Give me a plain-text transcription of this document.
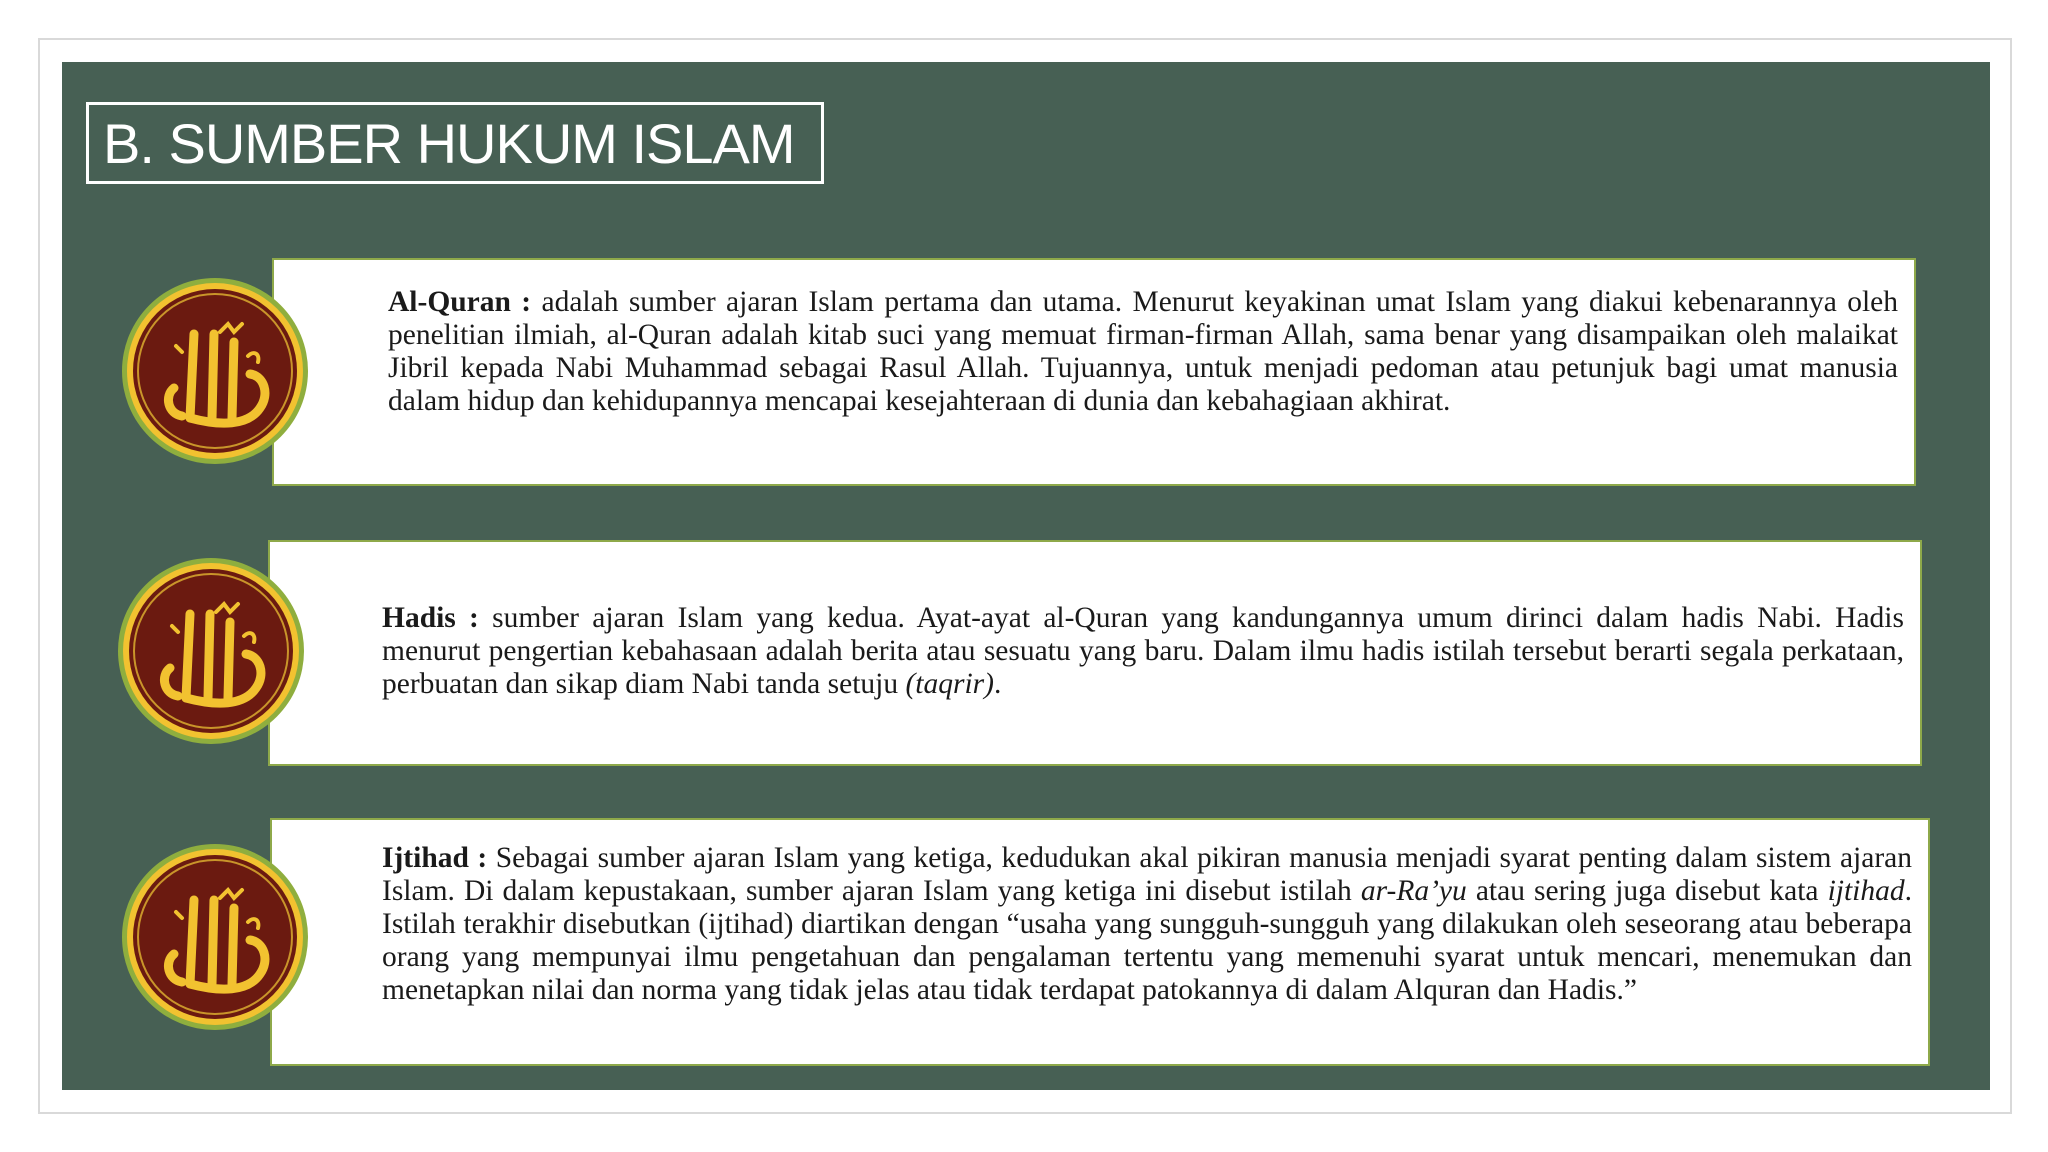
B. SUMBER HUKUM ISLAM
Al-Quran : adalah sumber ajaran Islam pertama dan utama. Menurut keyakinan umat Islam yang diakui kebenarannya oleh penelitian ilmiah, al-Quran adalah kitab suci yang memuat firman-firman Allah, sama benar yang disampaikan oleh malaikat Jibril kepada Nabi Muhammad sebagai Rasul Allah. Tujuannya, untuk menjadi pedoman atau petunjuk bagi umat manusia dalam hidup dan kehidupannya mencapai kesejahteraan di dunia dan kebahagiaan akhirat.
Hadis : sumber ajaran Islam yang kedua. Ayat-ayat al-Quran yang kandungannya umum dirinci dalam hadis Nabi. Hadis menurut pengertian kebahasaan adalah berita atau sesuatu yang baru. Dalam ilmu hadis istilah tersebut berarti segala perkataan, perbuatan dan sikap diam Nabi tanda setuju (taqrir).
Ijtihad : Sebagai sumber ajaran Islam yang ketiga, kedudukan akal pikiran manusia menjadi syarat penting dalam sistem ajaran Islam. Di dalam kepustakaan, sumber ajaran Islam yang ketiga ini disebut istilah ar-Ra’yu atau sering juga disebut kata ijtihad. Istilah terakhir disebutkan (ijtihad) diartikan dengan “usaha yang sungguh-sungguh yang dilakukan oleh seseorang atau beberapa orang yang mempunyai ilmu pengetahuan dan pengalaman tertentu yang memenuhi syarat untuk mencari, menemukan dan menetapkan nilai dan norma yang tidak jelas atau tidak terdapat patokannya di dalam Alquran dan Hadis.”
